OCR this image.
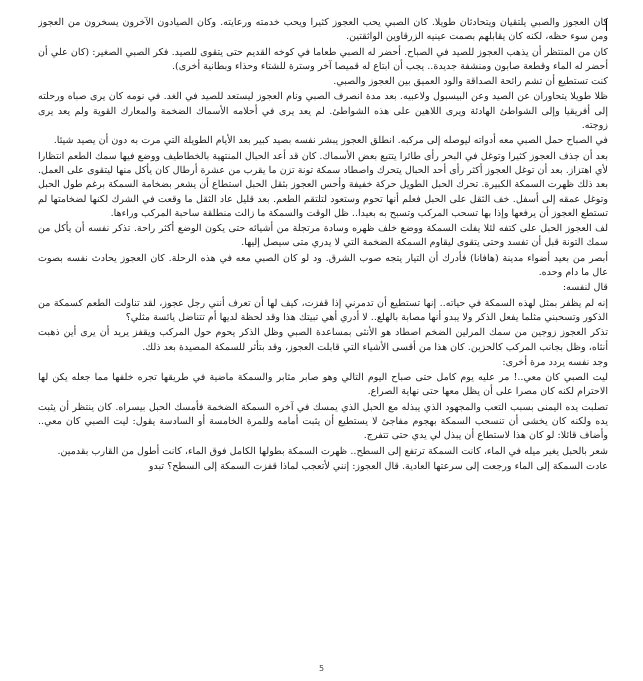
كان العجوز والصبي يلتقيان ويتحادثان طويلا. كان الصبي يحب العجوز كثيرا ويحب خدمته ورعايته. وكان الصيادون الآخرون يسخرون من العجوز ومن سوء حظه، لكنه كان يقابلهم بصمت عينيه الزرقاوين الواثقتين.

كان من المنتظر أن يذهب العجوز للصيد في الصباح. أحضر له الصبي طعاما في كوخه القديم حتى يتقوى للصيد. فكر الصبي الصغير: (كان علي أن أحضر له الماء وقطعة صابون ومنشفة جديدة.. يجب أن ابتاع له قميصا آخر وسترة للشتاء وحذاء وبطانية أخرى).

كنت تستطيع أن تشم رائحة الصداقة والود العميق بين العجوز والصبي.

ظلا طويلا يتحاوران عن الصيد وعن البيسبول ولاعبيه. بعد مدة انصرف الصبي ونام العجوز ليستعد للصيد في الغد. في نومه كان يرى صباه ورحلته إلى أفريقيا وإلى الشواطئ الهادئة ويرى اللاهين على هذه الشواطئ. لم يعد يرى في أحلامه الأسماك الضخمة والمعارك القوية ولم يعد يرى زوجته.

في الصباح حمل الصبي معه أدواته ليوصله إلى مركبه. انطلق العجوز يبشر نفسه بصيد كبير بعد الأيام الطويلة التي مرت به دون أن يصيد شيئا.

بعد أن جذف العجوز كثيرا وتوغل في البحر رأى طائرا يتتبع بعض الأسماك. كان قد أعد الحبال المنتهية بالخطاطيف ووضع فيها سمك الطعم انتظارا لأي اهتزاز. بعد أن توغل العجوز أكثر رأى أحد الحبال يتحرك واصطاد سمكة تونة تزن ما يقرب من عشرة أرطال كان يأكل منها ليتقوى على العمل. بعد ذلك ظهرت السمكة الكبيرة. تحرك الحبل الطويل حركة خفيفة وأحس العجوز بثقل الحبل استطاع أن يشعر بضخامة السمكة برغم طول الحبل وتوغل عمقه إلى أسفل. خف الثقل على الحبل فعلم أنها تحوم وستعود لتلتقم الطعم. بعد قليل عاد الثقل ما وقعت في الشرك لكنها لضخامتها لم تستطع العجوز أن يرفعها وإذا بها تسحب المركب وتسبح به بعيدا.. ظل الوقت والسمكة ما زالت منطلقة ساحبة المركب وراءها.

لف العجوز الحبل على كتفه لئلا يفلت السمكة ووضع خلف ظهره وسادة مرتجلة من أشيائه حتى يكون الوضع أكثر راحة. تذكر نفسه أن يأكل من سمك التونة قبل أن تفسد وحتى يتقوى ليقاوم السمكة الضخمة التي لا يدري متى سيصل إليها.

أبصر من بعيد أضواء مدينة (هافانا) فأدرك أن التيار يتجه صوب الشرق. ود لو كان الصبي معه في هذه الرحلة. كان العجوز يحادث نفسه بصوت عال ما دام وحده.

قال لنفسه:

إنه لم يظفر بمثل لهذه السمكة في حياته.. إنها تستطيع أن تدمرني إذا قفزت، كيف لها أن تعرف أنني رجل عجوز، لقد تناولت الطعم كسمكة من الذكور وتسحبني مثلما يفعل الذكر ولا يبدو أنها مصابة بالهلع.. لا أدري أهي تبيتك هذا وقد لحظة لديها أم تتناضل يائسة مثلي؟

تذكر العجوز زوجين من سمك المرلين الضخم اصطاد هو الأنثى بمساعدة الصبي وظل الذكر يحوم حول المركب ويقفز يريد أن يرى أين ذهبت أنثاه، وظل بجانب المركب كالحزين. كان هذا من أقسى الأشياء التي قابلت العجوز، وقد بتأثر للسمكة المصيدة بعد ذلك.

وجد نفسه يردد مرة أخرى:

ليت الصبي كان معي..! مر عليه يوم كامل حتى صباح اليوم التالي وهو صابر مثابر والسمكة ماضية في طريقها تجره خلفها مما جعله يكن لها الاحترام لكنه كان مصرا على أن يظل معها حتى نهاية الصراع.

تصلبت يده اليمنى بسبب التعب والمجهود الذي يبذله مع الحبل الذي يمسك في آخره السمكة الضخمة فأمسك الحبل بيسراه. كان ينتظر أن يثبت يده ولكنه كان يخشى أن تنسحب السمكة بهجوم مفاجئ لا يستطيع أن يثبت أمامه وللمرة الخامسة أو السادسة يقول: ليت الصبي كان معي.. وأضاف قائلا: لو كان هذا لاستطاع أن يبذل لي يدي حتى تتفرج.

شعر بالحبل يغير ميله في الماء، كانت السمكة ترتفع إلى السطح.. ظهرت السمكة بطولها الكامل فوق الماء، كانت أطول من القارب بقدمين.

عادت السمكة إلى الماء ورجعت إلى سرعتها العادية. قال العجوز: إنني لأتعجب لماذا قفزت السمكة إلى السطح؟ تبدو

5
